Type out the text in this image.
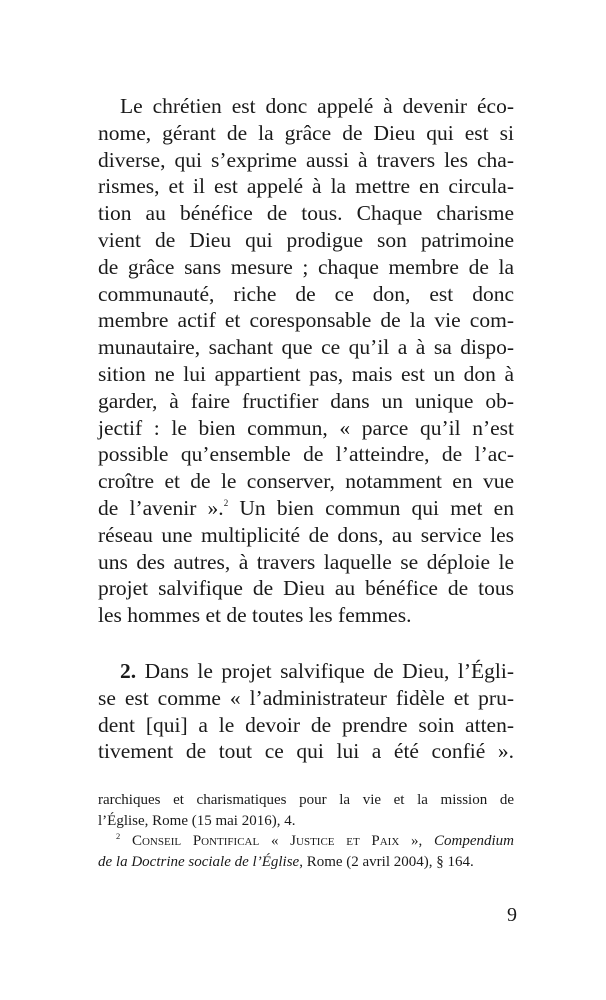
Le chrétien est donc appelé à devenir éco-
nome, gérant de la grâce de Dieu qui est si
diverse, qui s’exprime aussi à travers les cha-
rismes, et il est appelé à la mettre en circula-
tion au bénéfice de tous. Chaque charisme
vient de Dieu qui prodigue son patrimoine
de grâce sans mesure ; chaque membre de la
communauté, riche de ce don, est donc
membre actif et coresponsable de la vie com-
munautaire, sachant que ce qu’il a à sa dispo-
sition ne lui appartient pas, mais est un don à
garder, à faire fructifier dans un unique ob-
jectif : le bien commun, « parce qu’il n’est
possible qu’ensemble de l’atteindre, de l’ac-
croître et de le conserver, notamment en vue
de l’avenir ».$^2$ Un bien commun qui met en
réseau une multiplicité de dons, au service les
uns des autres, à travers laquelle se déploie le
projet salvifique de Dieu au bénéfice de tous
les hommes et de toutes les femmes.

2. Dans le projet salvifique de Dieu, l’Égli-
se est comme « l’administrateur fidèle et pru-
dent [qui] a le devoir de prendre soin atten-
tivement de tout ce qui lui a été confié ».

rarchiques et charismatiques pour la vie et la mission de
l’Église, Rome (15 mai 2016), 4.
$^2$ Conseil Pontifical « Justice et Paix », Compendium
de la Doctrine sociale de l’Église, Rome (2 avril 2004), § 164.
9
